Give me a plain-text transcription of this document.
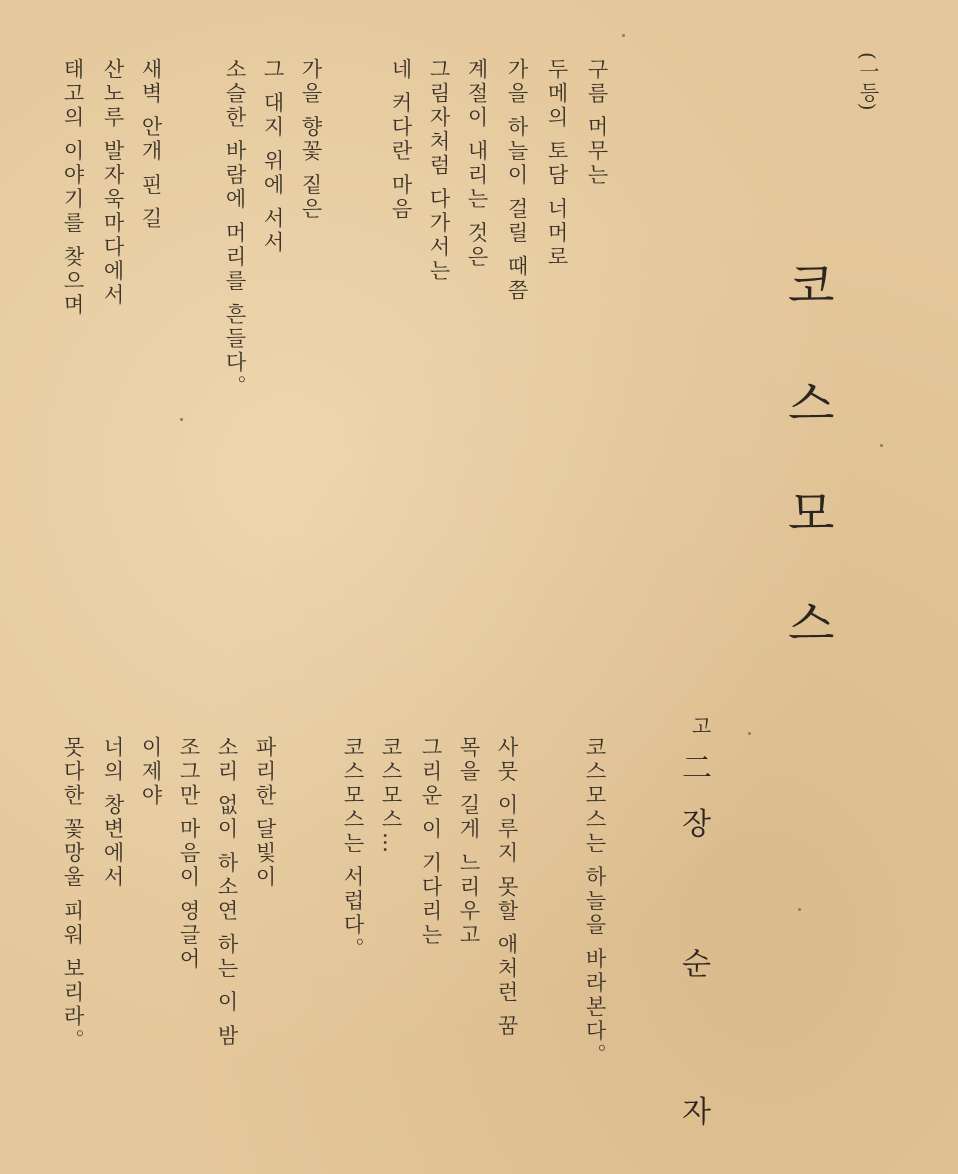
(一등)
코
스
모
스
고
二
장
순
자
구름 머무는
두메의 토담 너머로
가을 하늘이 걸릴 때쯤
계절이 내리는 것은
그림자처럼 다가서는
네 커다란 마음
가을 향꽃 짙은
그 대지 위에 서서
소슬한 바람에 머리를 흔들다。
새벽 안개 핀 길
산노루 발자욱마다에서
태고의 이야기를 찾으며
코스모스는 하늘을 바라본다。
사뭇 이루지 못할 애처런 꿈
목을 길게 느리우고
그리운 이 기다리는
코스모스…
코스모스는 서럽다。
파리한 달빛이
소리 없이 하소연 하는 이 밤
조그만 마음이 영글어
이제야
너의 창변에서
못다한 꽃망울 피워 보리라。
